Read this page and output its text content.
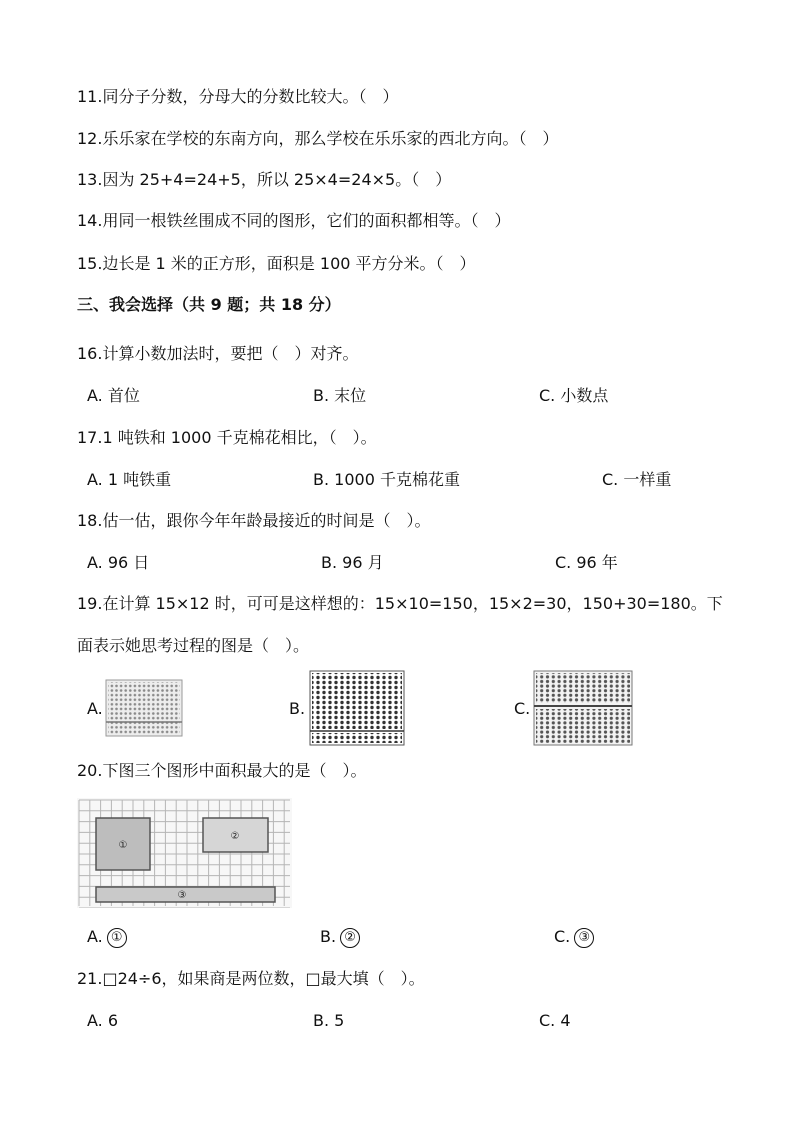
11.同分子分数，分母大的分数比较大。（　）
12.乐乐家在学校的东南方向，那么学校在乐乐家的西北方向。（　）
13.因为 25+4=24+5，所以 25×4=24×5。（　）
14.用同一根铁丝围成不同的图形，它们的面积都相等。（　）
15.边长是 1 米的正方形，面积是 100 平方分米。（　）
三、我会选择（共 9 题；共 18 分）
16.计算小数加法时，要把（　）对齐。
A. 首位	B. 末位	C. 小数点
17.1 吨铁和 1000 千克棉花相比，（　）。
A. 1 吨铁重	B. 1000 千克棉花重	C. 一样重
18.估一估，跟你今年年龄最接近的时间是（　）。
A. 96 日	B. 96 月	C. 96 年
19.在计算 15×12 时，可可是这样想的：15×10=150，15×2=30，150+30=180。下
面表示她思考过程的图是（　）。
A.	B.	C.
20.下图三个图形中面积最大的是（　）。
①
②
③
A. ①	B. ②	C. ③
21.□24÷6，如果商是两位数，□最大填（　）。
A. 6	B. 5	C. 4
